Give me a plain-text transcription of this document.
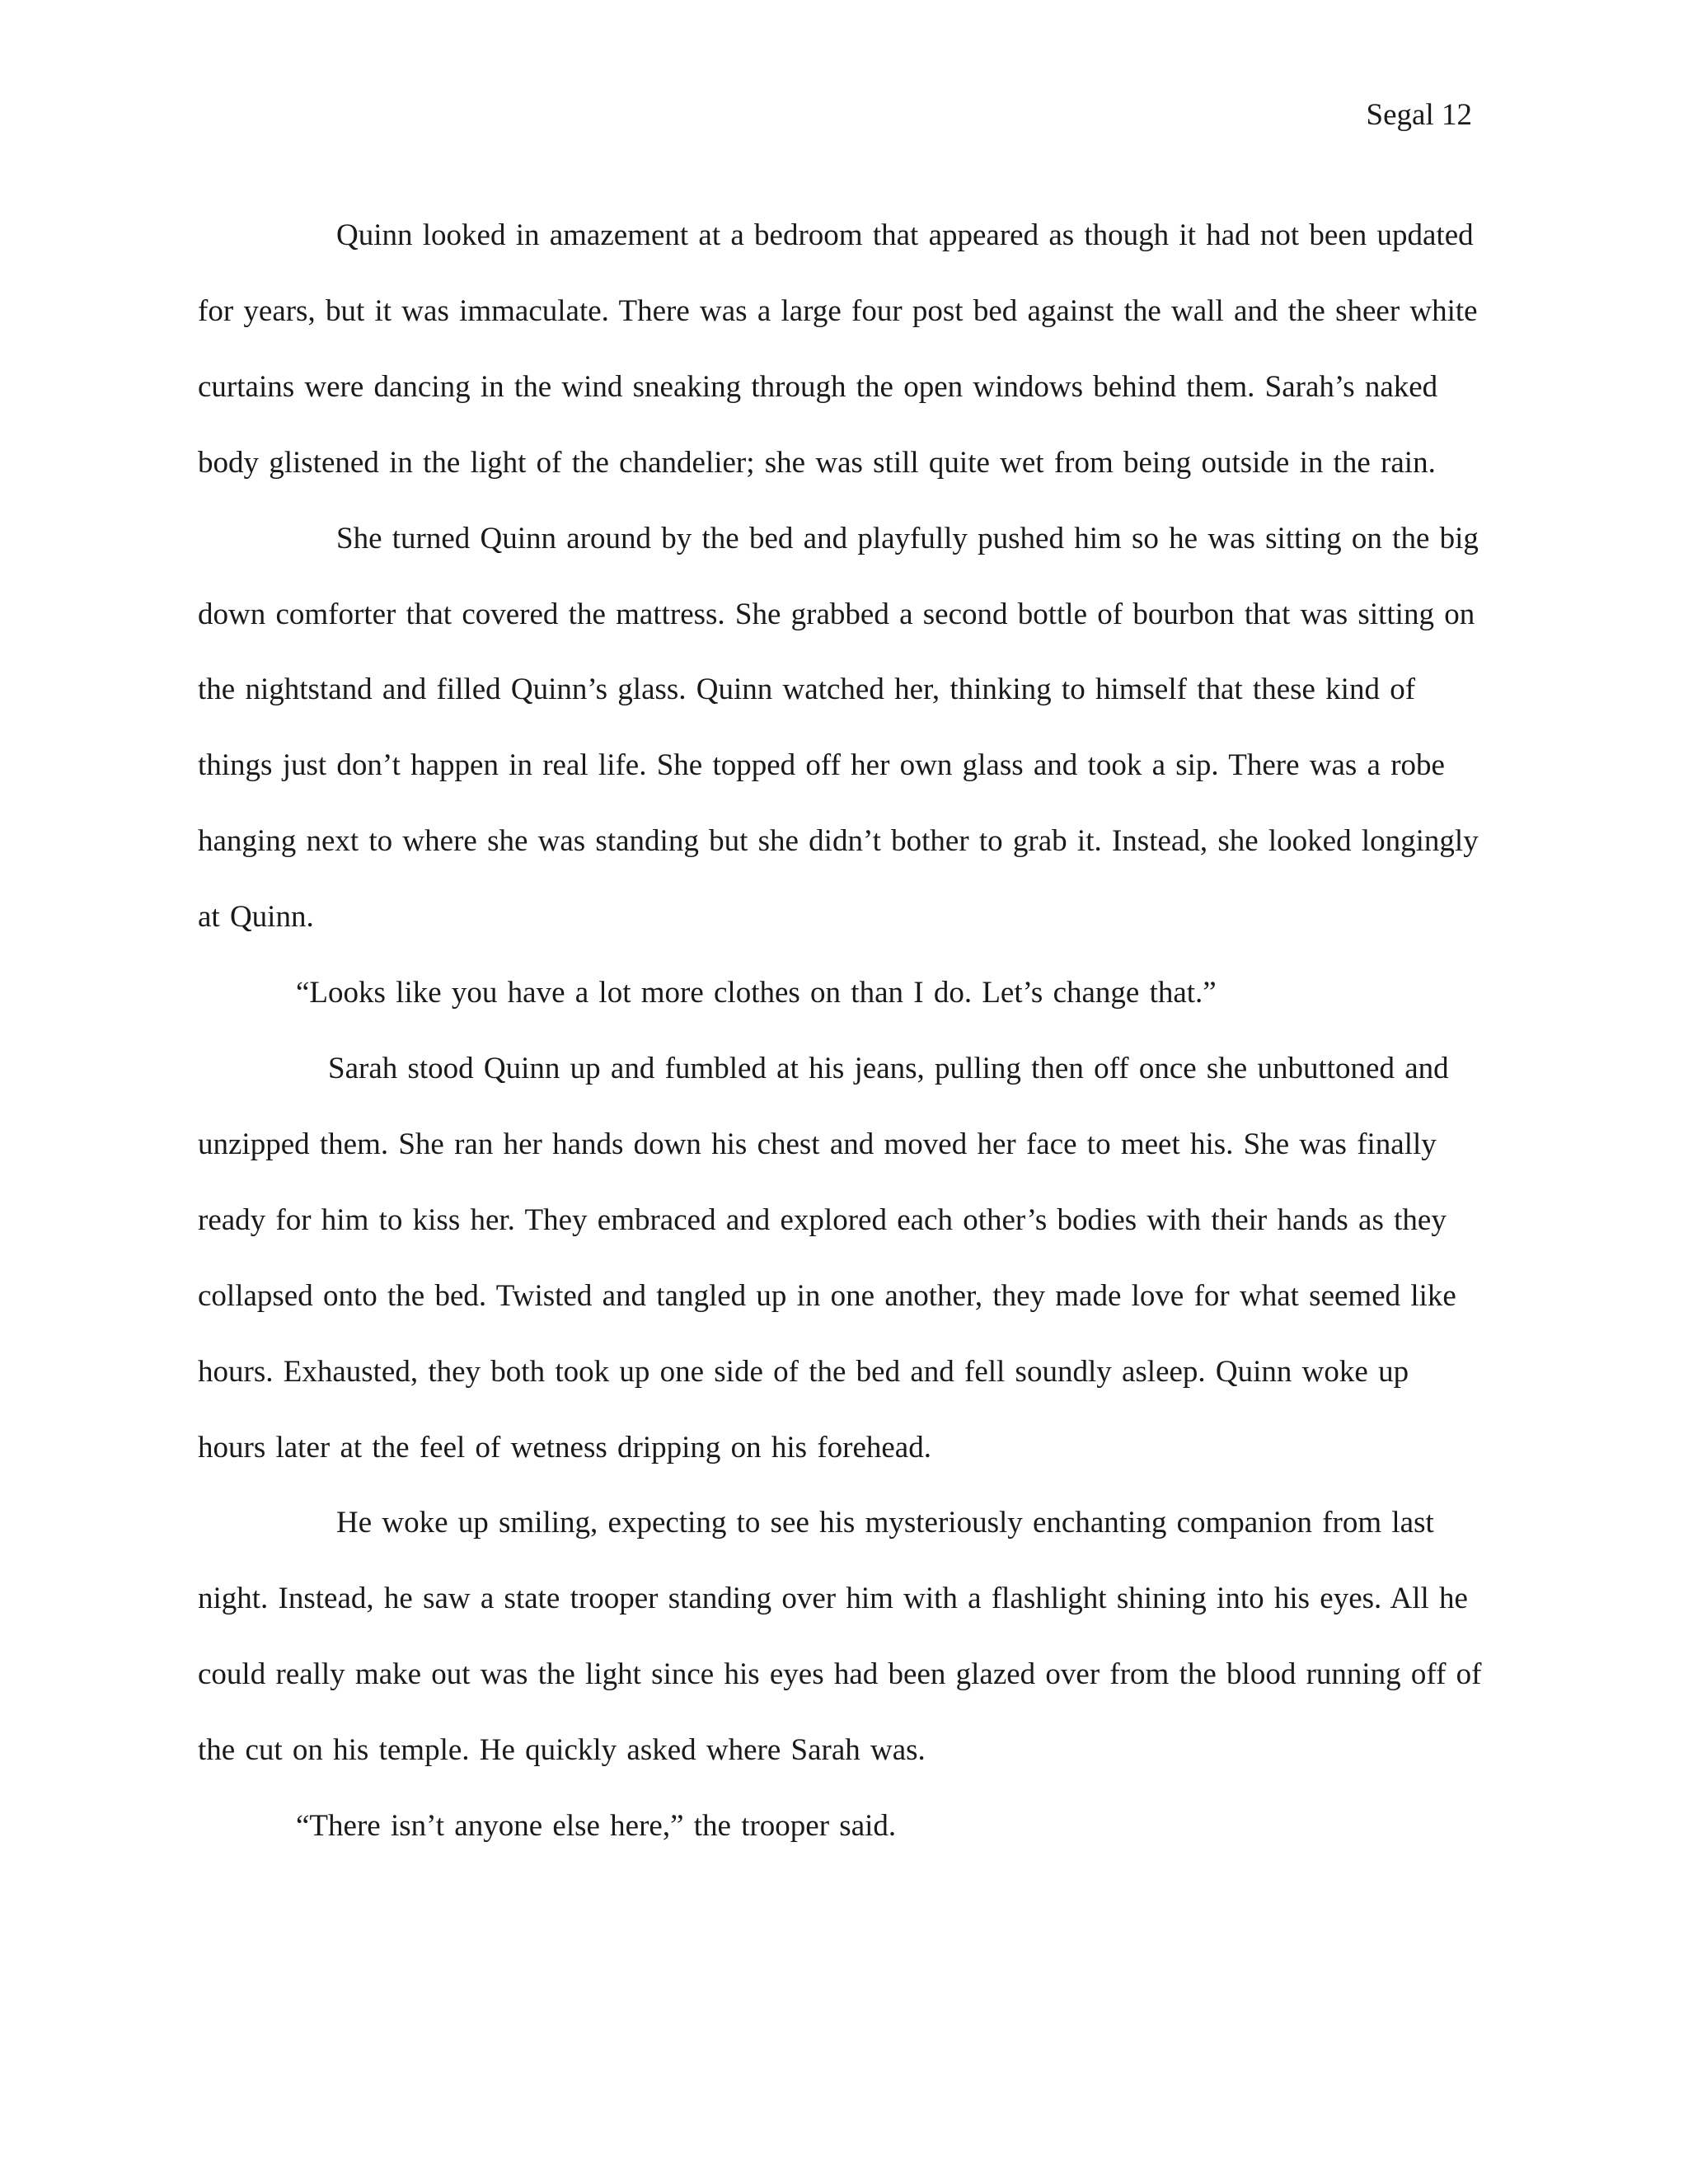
Segal 12

Quinn looked in amazement at a bedroom that appeared as though it had not been updated for years, but it was immaculate. There was a large four post bed against the wall and the sheer white curtains were dancing in the wind sneaking through the open windows behind them. Sarah’s naked body glistened in the light of the chandelier; she was still quite wet from being outside in the rain.

She turned Quinn around by the bed and playfully pushed him so he was sitting on the big down comforter that covered the mattress. She grabbed a second bottle of bourbon that was sitting on the nightstand and filled Quinn’s glass. Quinn watched her, thinking to himself that these kind of things just don’t happen in real life. She topped off her own glass and took a sip. There was a robe hanging next to where she was standing but she didn’t bother to grab it. Instead, she looked longingly at Quinn.

“Looks like you have a lot more clothes on than I do. Let’s change that.”

Sarah stood Quinn up and fumbled at his jeans, pulling then off once she unbuttoned and unzipped them. She ran her hands down his chest and moved her face to meet his. She was finally ready for him to kiss her. They embraced and explored each other’s bodies with their hands as they collapsed onto the bed. Twisted and tangled up in one another, they made love for what seemed like hours. Exhausted, they both took up one side of the bed and fell soundly asleep. Quinn woke up hours later at the feel of wetness dripping on his forehead.

He woke up smiling, expecting to see his mysteriously enchanting companion from last night. Instead, he saw a state trooper standing over him with a flashlight shining into his eyes. All he could really make out was the light since his eyes had been glazed over from the blood running off of the cut on his temple. He quickly asked where Sarah was.

“There isn’t anyone else here,” the trooper said.
